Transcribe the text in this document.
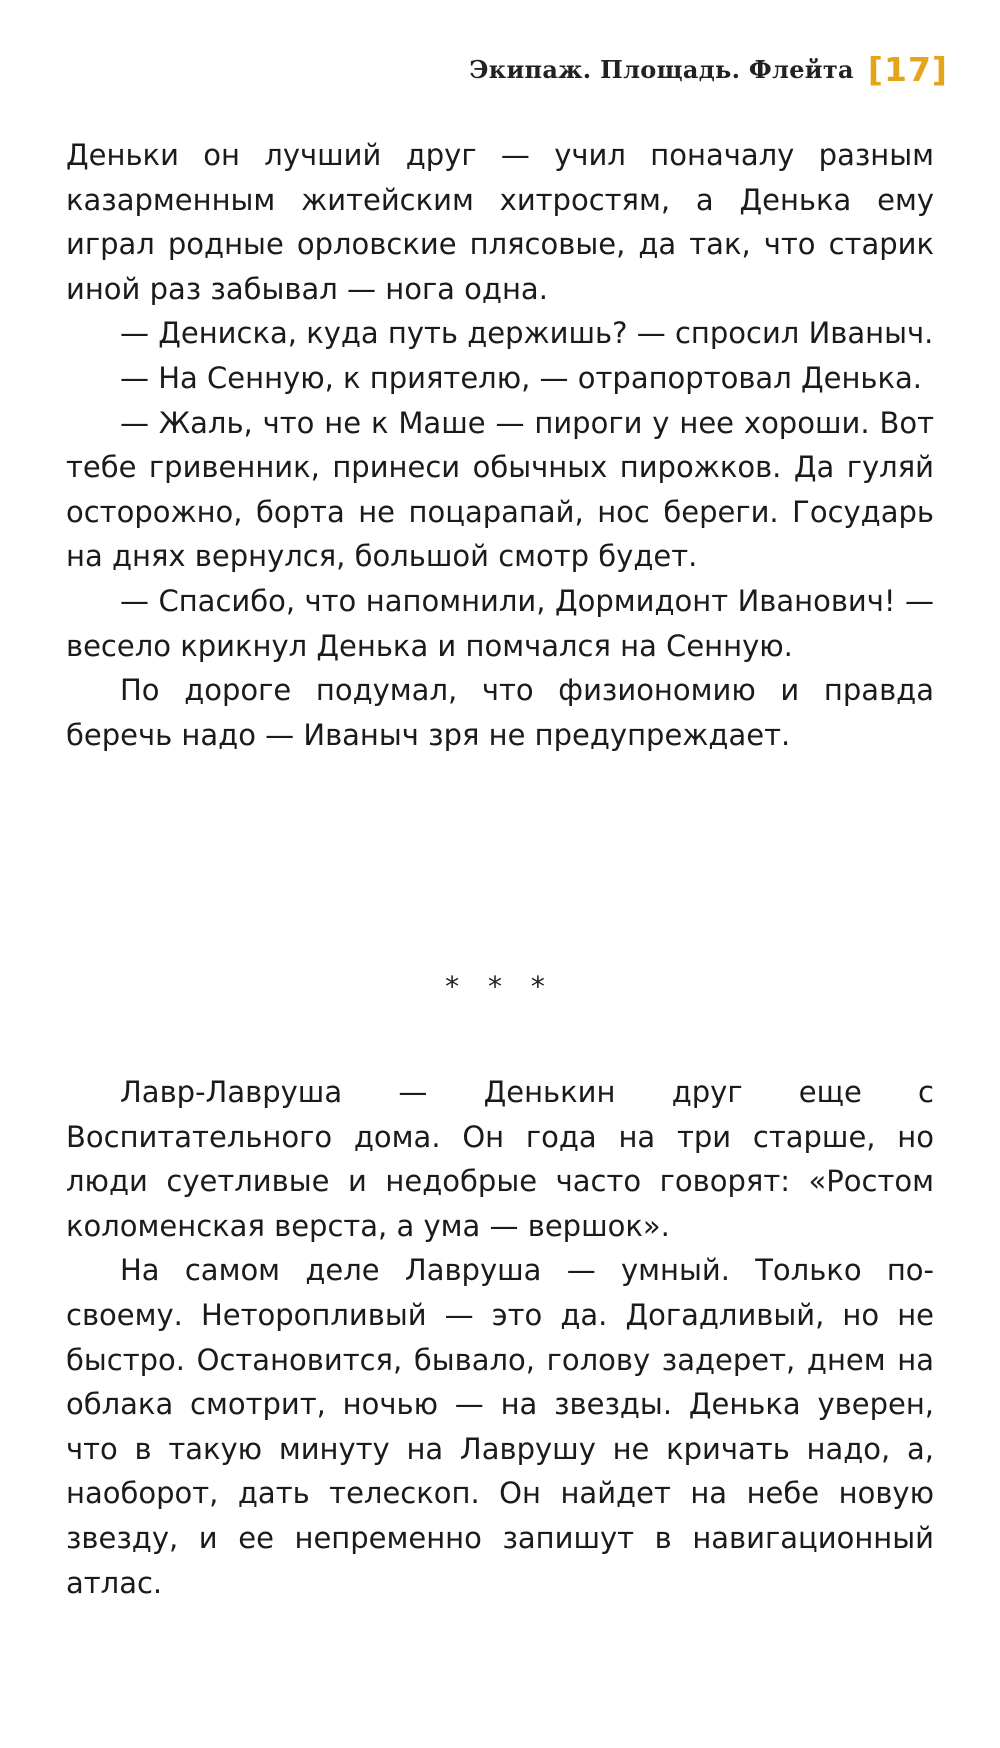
Экипаж. Площадь. Флейта [17]

Деньки он лучший друг — учил поначалу разным казарменным житейским хитростям, а Денька ему играл родные орловские плясовые, да так, что старик иной раз забывал — нога одна.

— Дениска, куда путь держишь? — спросил Иваныч.

— На Сенную, к приятелю, — отрапортовал Денька.

— Жаль, что не к Маше — пироги у нее хороши. Вот тебе гривенник, принеси обычных пирожков. Да гуляй осторожно, борта не поцарапай, нос береги. Государь на днях вернулся, большой смотр будет.

— Спасибо, что напомнили, Дормидонт Иванович! — весело крикнул Денька и помчался на Сенную.

По дороге подумал, что физиономию и правда беречь надо — Иваныч зря не предупреждает.

* * *

Лавр-Лавруша — Денькин друг еще с Воспитательного дома. Он года на три старше, но люди суетливые и недобрые часто говорят: «Ростом коломенская верста, а ума — вершок».

На самом деле Лавруша — умный. Только по-своему. Неторопливый — это да. Догадливый, но не быстро. Остановится, бывало, голову задерет, днем на облака смотрит, ночью — на звезды. Денька уверен, что в такую минуту на Лаврушу не кричать надо, а, наоборот, дать телескоп. Он найдет на небе новую звезду, и ее непременно запишут в навигационный атлас.
